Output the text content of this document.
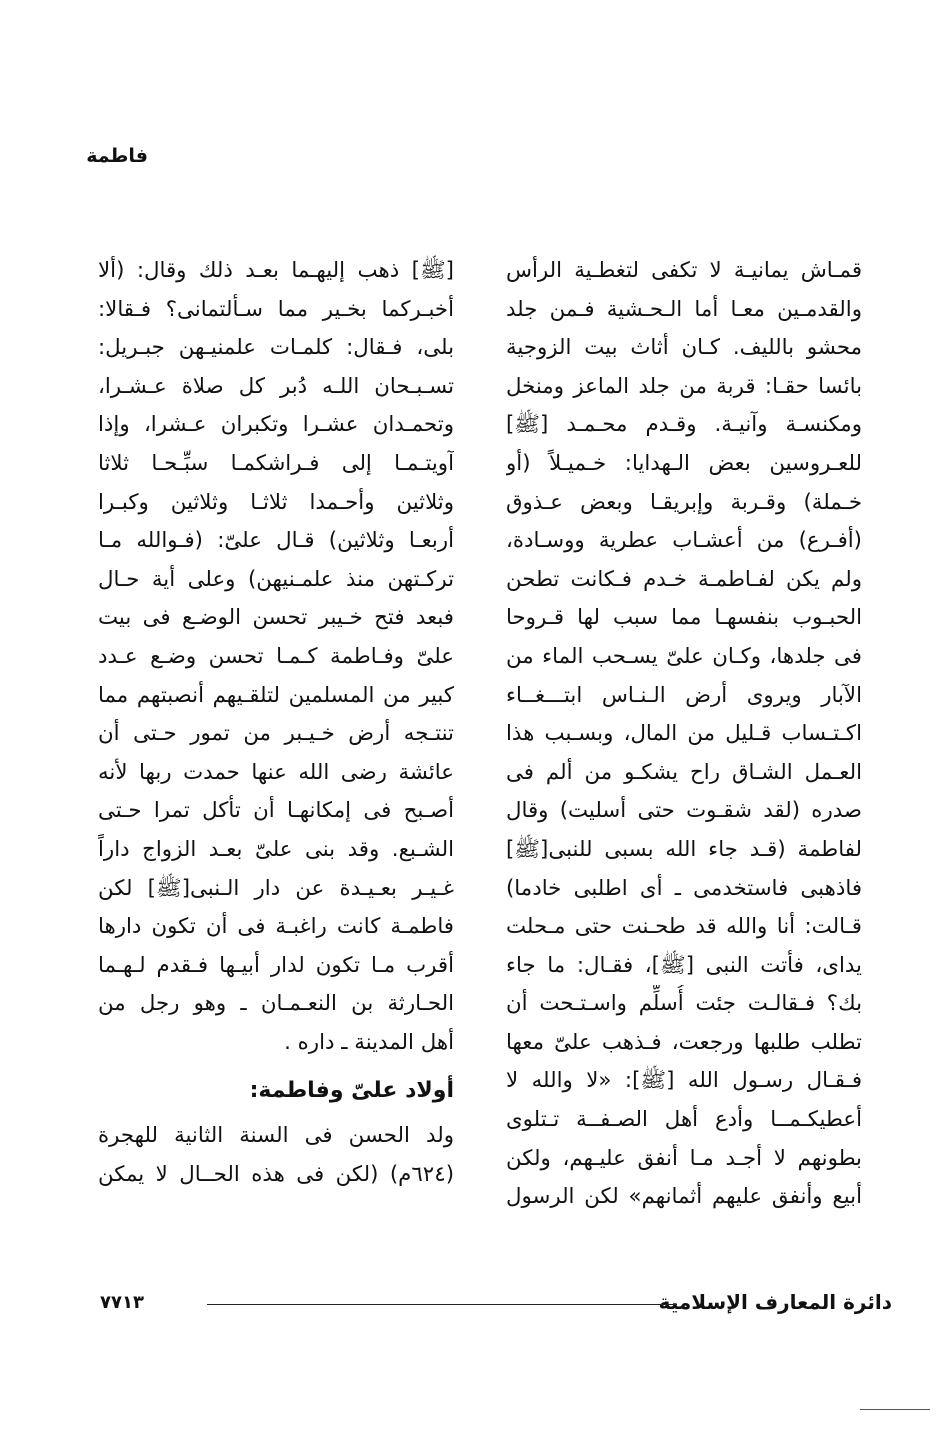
فاطمة
قمـاش يمانيـة لا تكفى لتغطـية الرأس
والقدمـين معـا أما الـحـشية فـمن جلد
محشو بالليف. كـان أثاث بيت الزوجية
بائسا حقـا: قربة من جلد الماعز ومنخل
ومكنسـة وآنيـة. وقـدم محـمـد [ﷺ]
للعـروسين بعض الـهدايا: خـميـلاً (أو
خـملة) وقـربة وإبريقـا وبعض عـذوق
(أفـرع) من أعشـاب عطرية ووسـادة،
ولم يكن لفـاطمـة خـدم فـكانت تطحن
الحبـوب بنفسهـا مما سبب لها قـروحا
فى جلدها، وكـان علىّ يسـحب الماء من
الآبار ويروى أرض الـنـاس ابتـــغــاء
اكـتـساب قـليل من المال، وبسـبب هذا
العـمل الشـاق راح يشكـو من ألم فى
صدره (لقد شقـوت حتى أسليت) وقال
لفاطمة (قـد جاء الله بسبى للنبى[ﷺ]
فاذهبى فاستخدمى ـ أى اطلبى خادما)
قـالت: أنا والله قد طحـنت حتى مـحلت
يداى، فأتت النبى [ﷺ]، فقـال: ما جاء
بك؟ فـقالـت جئت أُسلِّم واسـتـحت أن
تطلب طلبها ورجعت، فـذهب علىّ معها
فـقـال رسـول الله [ﷺ]: «لا والله لا
أعطيكـمــا وأدع أهل الصـفــة تـتلوى
بطونهم لا أجـد مـا أنفق عليـهم، ولكن
أبيع وأنفق عليهم أثمانهم» لكن الرسول
[ﷺ] ذهب إليهـما بعـد ذلك وقال: (ألا
أخبـركما بخـير مما سـألتمانى؟ فـقالا:
بلى، فـقال: كلمـات علمنيـهن جبـريل:
تسـبـحان اللـه دُبر كل صلاة عـشـرا،
وتحمـدان عشـرا وتكبران عـشرا، وإذا
آويتـمـا إلى فـراشكمـا سبِّـحـا ثلاثا
وثلاثين وأحـمدا ثلاثـا وثلاثين وكبـرا
أربعـا وثلاثين) قـال علىّ: (فـوالله مـا
تركـتهن منذ علمـنيهن) وعلى أية حـال
فبعد فتح خـيبر تحسن الوضـع فى بيت
علىّ وفـاطمة كـمـا تحسن وضـع عـدد
كبير من المسلمين لتلقـيهم أنصبتهم مما
تنتـجه أرض خـيـبر من تمور حـتى أن
عائشة رضى الله عنها حمدت ربها لأنه
أصـبح فى إمكانهـا أن تأكل تمرا حـتى
الشـبع. وقد بنى علىّ بعـد الزواج داراً
غـيـر بعـيـدة عن دار الـنبى[ﷺ] لكن
فاطمـة كانت راغبـة فى أن تكون دارها
أقرب مـا تكون لدار أبيـها فـقدم لـهـما
الحـارثة بن النعـمـان ـ وهو رجل من
أهل المدينة ـ داره .
أولاد علىّ وفاطمة:
ولد الحسن فى السنة الثانية للهجرة
(٦٢٤م) (لكن فى هذه الحــال لا يمكن
دائرة المعارف الإسلامية
٧٧١٣
